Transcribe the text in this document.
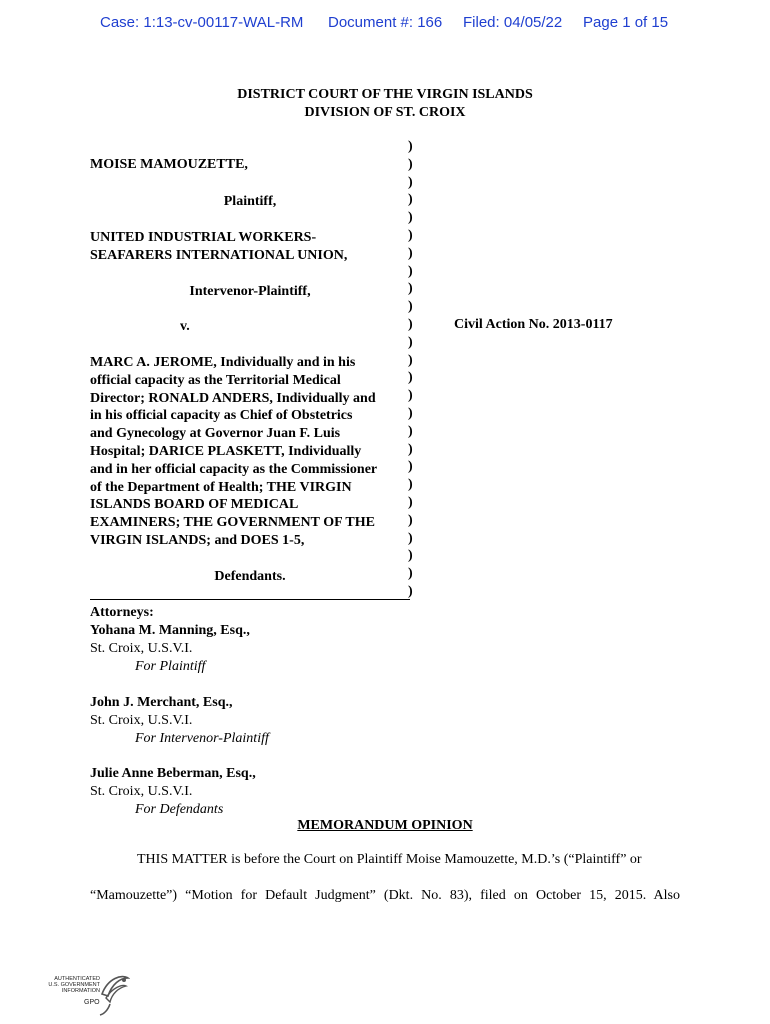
Case: 1:13-cv-00117-WAL-RM Document #: 166 Filed: 04/05/22 Page 1 of 15
DISTRICT COURT OF THE VIRGIN ISLANDS
DIVISION OF ST. CROIX
MOISE MAMOUZETTE,
Plaintiff,
UNITED INDUSTRIAL WORKERS-
SEAFARERS INTERNATIONAL UNION,
Intervenor-Plaintiff,
v.
MARC A. JEROME, Individually and in his
official capacity as the Territorial Medical
Director; RONALD ANDERS, Individually and
in his official capacity as Chief of Obstetrics
and Gynecology at Governor Juan F. Luis
Hospital; DARICE PLASKETT, Individually
and in her official capacity as the Commissioner
of the Department of Health; THE VIRGIN
ISLANDS BOARD OF MEDICAL
EXAMINERS; THE GOVERNMENT OF THE
VIRGIN ISLANDS; and DOES 1-5,
Defendants.
)
)
)
)
)
)
)
)
)
)
)
)
)
)
)
)
)
)
)
)
)
)
)
)
)
)
Civil Action No. 2013-0117
Attorneys:
Yohana M. Manning, Esq.,
St. Croix, U.S.V.I.
For Plaintiff
John J. Merchant, Esq.,
St. Croix, U.S.V.I.
For Intervenor-Plaintiff
Julie Anne Beberman, Esq.,
St. Croix, U.S.V.I.
For Defendants
MEMORANDUM OPINION
THIS MATTER is before the Court on Plaintiff Moise Mamouzette, M.D.’s (“Plaintiff” or
“Mamouzette”) “Motion for Default Judgment” (Dkt. No. 83), filed on October 15, 2015. Also
AUTHENTICATED
U.S. GOVERNMENT
INFORMATION
GPO
